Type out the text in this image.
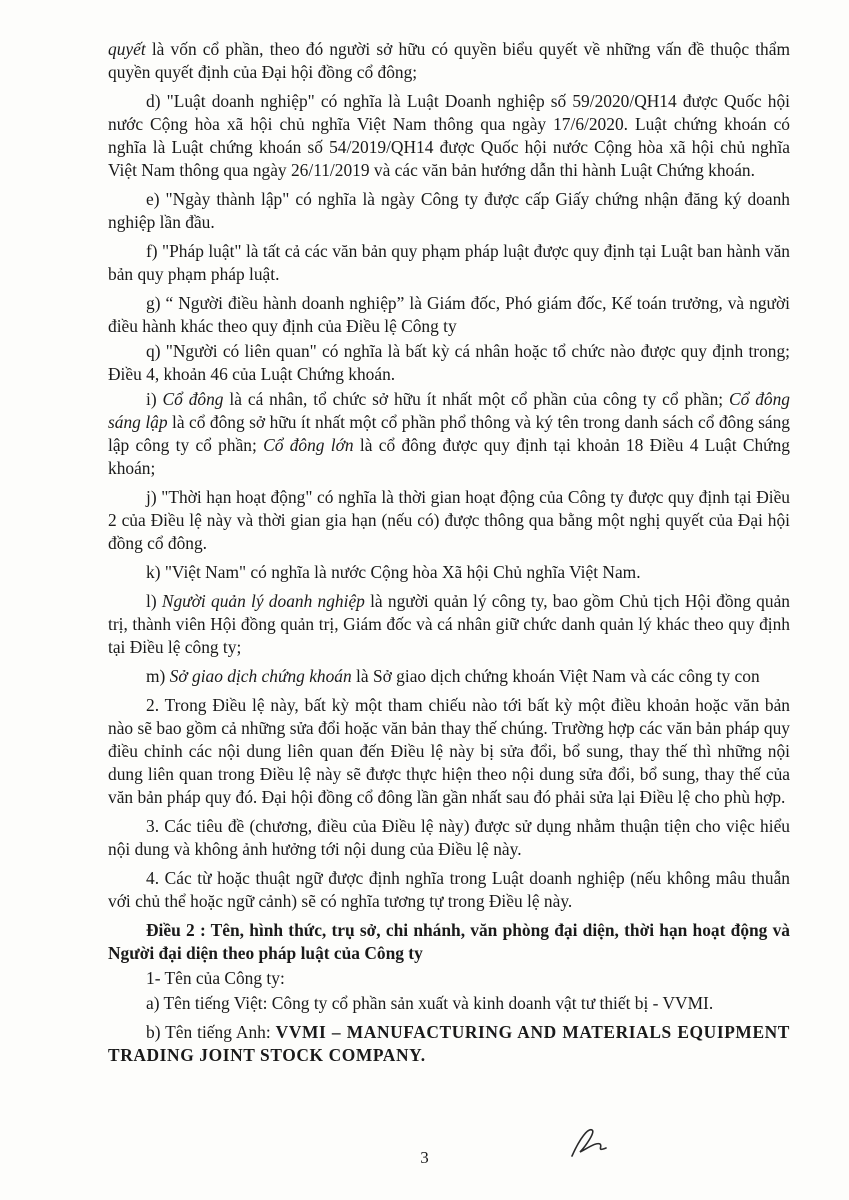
quyết là vốn cổ phần, theo đó người sở hữu có quyền biểu quyết về những vấn đề thuộc thẩm quyền quyết định của Đại hội đồng cổ đông;

d) "Luật doanh nghiệp" có nghĩa là Luật Doanh nghiệp số 59/2020/QH14 được Quốc hội nước Cộng hòa xã hội chủ nghĩa Việt Nam thông qua ngày 17/6/2020. Luật chứng khoán có nghĩa là Luật chứng khoán số 54/2019/QH14 được Quốc hội nước Cộng hòa xã hội chủ nghĩa Việt Nam thông qua ngày 26/11/2019 và các văn bản hướng dẫn thi hành Luật Chứng khoán.

e) "Ngày thành lập" có nghĩa là ngày Công ty được cấp Giấy chứng nhận đăng ký doanh nghiệp lần đầu.

f) "Pháp luật" là tất cả các văn bản quy phạm pháp luật được quy định tại Luật ban hành văn bản quy phạm pháp luật.

g) “ Người điều hành doanh nghiệp” là Giám đốc, Phó giám đốc, Kế toán trưởng, và người điều hành khác theo quy định của Điều lệ Công ty

q) "Người có liên quan" có nghĩa là bất kỳ cá nhân hoặc tổ chức nào được quy định trong; Điều 4, khoản 46 của Luật Chứng khoán.

i) Cổ đông là cá nhân, tổ chức sở hữu ít nhất một cổ phần của công ty cổ phần; Cổ đông sáng lập là cổ đông sở hữu ít nhất một cổ phần phổ thông và ký tên trong danh sách cổ đông sáng lập công ty cổ phần; Cổ đông lớn là cổ đông được quy định tại khoản 18 Điều 4 Luật Chứng khoán;

j) "Thời hạn hoạt động" có nghĩa là thời gian hoạt động của Công ty được quy định tại Điều 2 của Điều lệ này và thời gian gia hạn (nếu có) được thông qua bằng một nghị quyết của Đại hội đồng cổ đông.

k) "Việt Nam" có nghĩa là nước Cộng hòa Xã hội Chủ nghĩa Việt Nam.

l) Người quản lý doanh nghiệp là người quản lý công ty, bao gồm Chủ tịch Hội đồng quản trị, thành viên Hội đồng quản trị, Giám đốc và cá nhân giữ chức danh quản lý khác theo quy định tại Điều lệ công ty;

m) Sở giao dịch chứng khoán là Sở giao dịch chứng khoán Việt Nam và các công ty con

2. Trong Điều lệ này, bất kỳ một tham chiếu nào tới bất kỳ một điều khoản hoặc văn bản nào sẽ bao gồm cả những sửa đổi hoặc văn bản thay thế chúng. Trường hợp các văn bản pháp quy điều chỉnh các nội dung liên quan đến Điều lệ này bị sửa đổi, bổ sung, thay thế thì những nội dung liên quan trong Điều lệ này sẽ được thực hiện theo nội dung sửa đổi, bổ sung, thay thế của văn bản pháp quy đó. Đại hội đồng cổ đông lần gần nhất sau đó phải sửa lại Điều lệ cho phù hợp.

3. Các tiêu đề (chương, điều của Điều lệ này) được sử dụng nhằm thuận tiện cho việc hiểu nội dung và không ảnh hưởng tới nội dung của Điều lệ này.

4. Các từ hoặc thuật ngữ được định nghĩa trong Luật doanh nghiệp (nếu không mâu thuẫn với chủ thể hoặc ngữ cảnh) sẽ có nghĩa tương tự trong Điều lệ này.

Điều 2 : Tên, hình thức, trụ sở, chi nhánh, văn phòng đại diện, thời hạn hoạt động và Người đại diện theo pháp luật của Công ty

1- Tên của Công ty:

a) Tên tiếng Việt: Công ty cổ phần sản xuất và kinh doanh vật tư thiết bị - VVMI.

b) Tên tiếng Anh: VVMI – MANUFACTURING AND MATERIALS EQUIPMENT TRADING JOINT STOCK COMPANY.

3
